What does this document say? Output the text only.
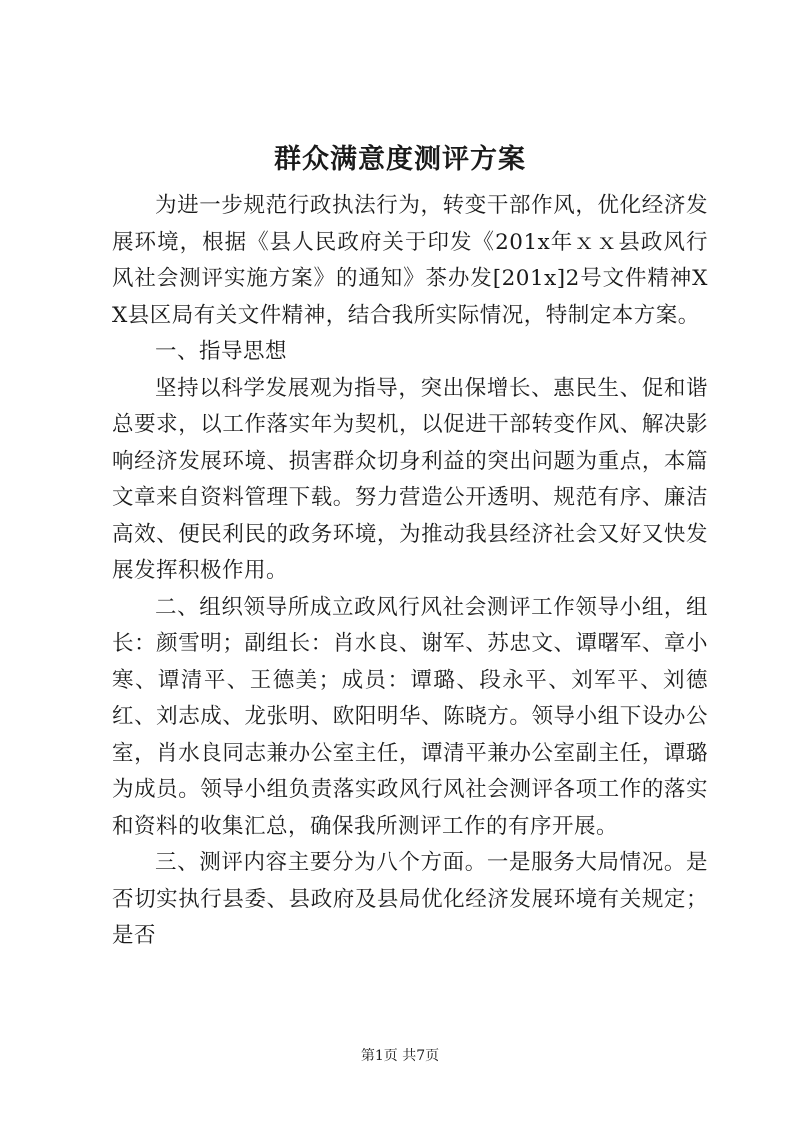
群众满意度测评方案

为进一步规范行政执法行为，转变干部作风，优化经济发展环境，根据《县人民政府关于印发《201x年ｘｘ县政风行风社会测评实施方案》的通知》茶办发[201x]2号文件精神XX县区局有关文件精神，结合我所实际情况，特制定本方案。

一、指导思想

坚持以科学发展观为指导，突出保增长、惠民生、促和谐总要求，以工作落实年为契机，以促进干部转变作风、解决影响经济发展环境、损害群众切身利益的突出问题为重点，本篇文章来自资料管理下载。努力营造公开透明、规范有序、廉洁高效、便民利民的政务环境，为推动我县经济社会又好又快发展发挥积极作用。

二、组织领导所成立政风行风社会测评工作领导小组，组长：颜雪明；副组长：肖水良、谢军、苏忠文、谭曙军、章小寒、谭清平、王德美；成员：谭璐、段永平、刘军平、刘德红、刘志成、龙张明、欧阳明华、陈晓方。领导小组下设办公室，肖水良同志兼办公室主任，谭清平兼办公室副主任，谭璐为成员。领导小组负责落实政风行风社会测评各项工作的落实和资料的收集汇总，确保我所测评工作的有序开展。

三、测评内容主要分为八个方面。一是服务大局情况。是否切实执行县委、县政府及县局优化经济发展环境有关规定；是否

第1页 共7页
